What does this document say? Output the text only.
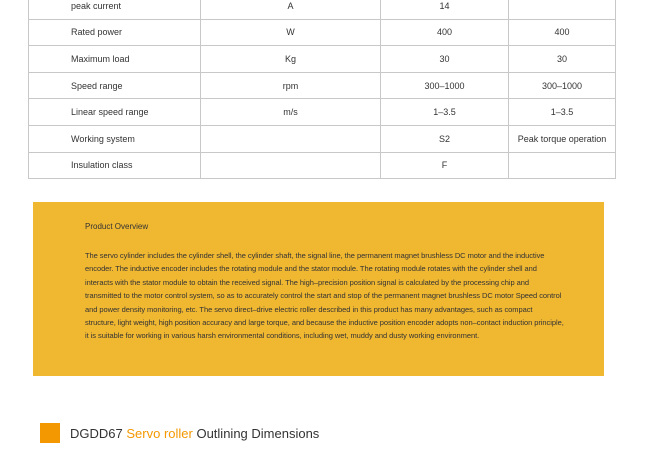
peak current	A	14	
Rated power	W	400	400
Maximum load	Kg	30	30
Speed range	rpm	300–1000	300–1000
Linear speed range	m/s	1–3.5	1–3.5
Working system		S2	Peak torque operation
Insulation class		F	
Product Overview
The servo cylinder includes the cylinder shell, the cylinder shaft, the signal line, the permanent magnet brushless DC motor and the inductive encoder. The inductive encoder includes the rotating module and the stator module. The rotating module rotates with the cylinder shell and interacts with the stator module to obtain the received signal. The high–precision position signal is calculated by the processing chip and transmitted to the motor control system, so as to accurately control the start and stop of the permanent magnet brushless DC motor Speed control and power density monitoring, etc. The servo direct–drive electric roller described in this product has many advantages, such as compact structure, light weight, high position accuracy and large torque, and because the inductive position encoder adopts non–contact induction principle, it is suitable for working in various harsh environmental conditions, including wet, muddy and dusty working environment.
DGDD67 Servo roller Outlining Dimensions
